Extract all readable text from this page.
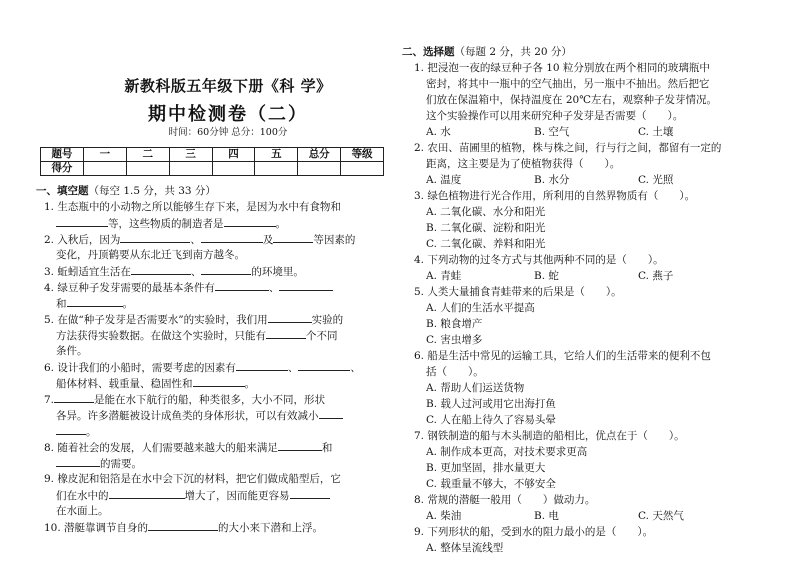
新教科版五年级下册《科 学》
期中检测卷（二）
时间：60分钟 总分：100分
题号	一	二	三	四	五	总分	等级
得分							
一、填空题（每空 1.5 分，共 33 分）
1. 生态瓶中的小动物之所以能够生存下来，是因为水中有食物和
等，这些物质的制造者是	。
2. 入秋后，因为	、	及	等因素的
变化，丹顶鹤要从东北迁飞到南方越冬。
3. 蚯蚓适宜生活在	、	的环境里。
4. 绿豆种子发芽需要的最基本条件有	、
和	。
5. 在做“种子发芽是否需要水”的实验时，我们用	实验的
方法获得实验数据。在做这个实验时，只能有	个不同
条件。
6. 设计我们的小船时，需要考虑的因素有	、	、
船体材料、载重量、稳固性和	。
7.	是能在水下航行的船，种类很多，大小不同，形状
各异。许多潜艇被设计成鱼类的身体形状，可以有效减小
。
8. 随着社会的发展，人们需要越来越大的船来满足	和
的需要。
9. 橡皮泥和铝箔是在水中会下沉的材料，把它们做成船型后，它
们在水中的	增大了，因而能更容易
在水面上。
10. 潜艇靠调节自身的	的大小来下潜和上浮。
二、选择题（每题 2 分，共 20 分）
1. 把浸泡一夜的绿豆种子各 10 粒分别放在两个相同的玻璃瓶中
密封，将其中一瓶中的空气抽出，另一瓶中不抽出。然后把它
们放在保温箱中，保持温度在 20℃左右，观察种子发芽情况。
这个实验操作可以用来研究种子发芽是否需要（　　）。
A. 水	B. 空气	C. 土壤
2. 农田、苗圃里的植物，株与株之间，行与行之间，都留有一定的
距离，这主要是为了使植物获得（　　）。
A. 温度	B. 水分	C. 光照
3. 绿色植物进行光合作用，所利用的自然界物质有（　　）。
A. 二氧化碳、水分和阳光
B. 二氧化碳、淀粉和阳光
C. 二氧化碳、养料和阳光
4. 下列动物的过冬方式与其他两种不同的是（　　）。
A. 青蛙	B. 蛇	C. 燕子
5. 人类大量捕食青蛙带来的后果是（　　）。
A. 人们的生活水平提高
B. 粮食增产
C. 害虫增多
6. 船是生活中常见的运输工具，它给人们的生活带来的便利不包
括（　　）。
A. 帮助人们运送货物
B. 载人过河或用它出海打鱼
C. 人在船上待久了容易头晕
7. 钢铁制造的船与木头制造的船相比，优点在于（　　）。
A. 制作成本更高，对技术要求更高
B. 更加坚固，排水量更大
C. 载重量不够大，不够安全
8. 常规的潜艇一般用（　　）做动力。
A. 柴油	B. 电	C. 天然气
9. 下列形状的船，受到水的阻力最小的是（　　）。
A. 整体呈流线型
